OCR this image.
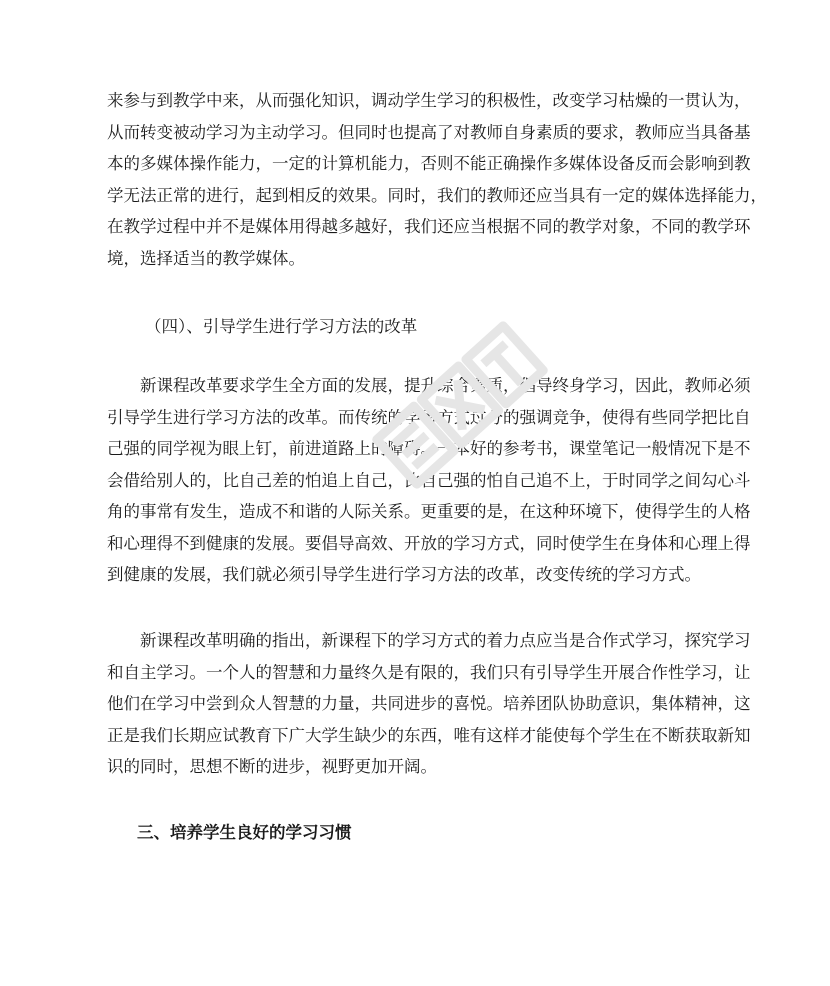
来参与到教学中来，从而强化知识，调动学生学习的积极性，改变学习枯燥的一贯认为，
从而转变被动学习为主动学习。但同时也提高了对教师自身素质的要求，教师应当具备基
本的多媒体操作能力，一定的计算机能力，否则不能正确操作多媒体设备反而会影响到教
学无法正常的进行，起到相反的效果。同时，我们的教师还应当具有一定的媒体选择能力，
在教学过程中并不是媒体用得越多越好，我们还应当根据不同的教学对象，不同的教学环
境，选择适当的教学媒体。

（四）、引导学生进行学习方法的改革

　　新课程改革要求学生全方面的发展，提升综合素质，倡导终身学习，因此，教师必须
引导学生进行学习方法的改革。而传统的学习方式过分的强调竞争，使得有些同学把比自
己强的同学视为眼上钉，前进道路上的障碍。一本好的参考书，课堂笔记一般情况下是不
会借给别人的，比自己差的怕追上自己，比自己强的怕自己追不上，于时同学之间勾心斗
角的事常有发生，造成不和谐的人际关系。更重要的是，在这种环境下，使得学生的人格
和心理得不到健康的发展。要倡导高效、开放的学习方式，同时使学生在身体和心理上得
到健康的发展，我们就必须引导学生进行学习方法的改革，改变传统的学习方式。
　　新课程改革明确的指出，新课程下的学习方式的着力点应当是合作式学习，探究学习
和自主学习。一个人的智慧和力量终久是有限的，我们只有引导学生开展合作性学习，让
他们在学习中尝到众人智慧的力量，共同进步的喜悦。培养团队协助意识，集体精神，这
正是我们长期应试教育下广大学生缺少的东西，唯有这样才能使每个学生在不断获取新知
识的同时，思想不断的进步，视野更加开阔。

三、培养学生良好的学习习惯
